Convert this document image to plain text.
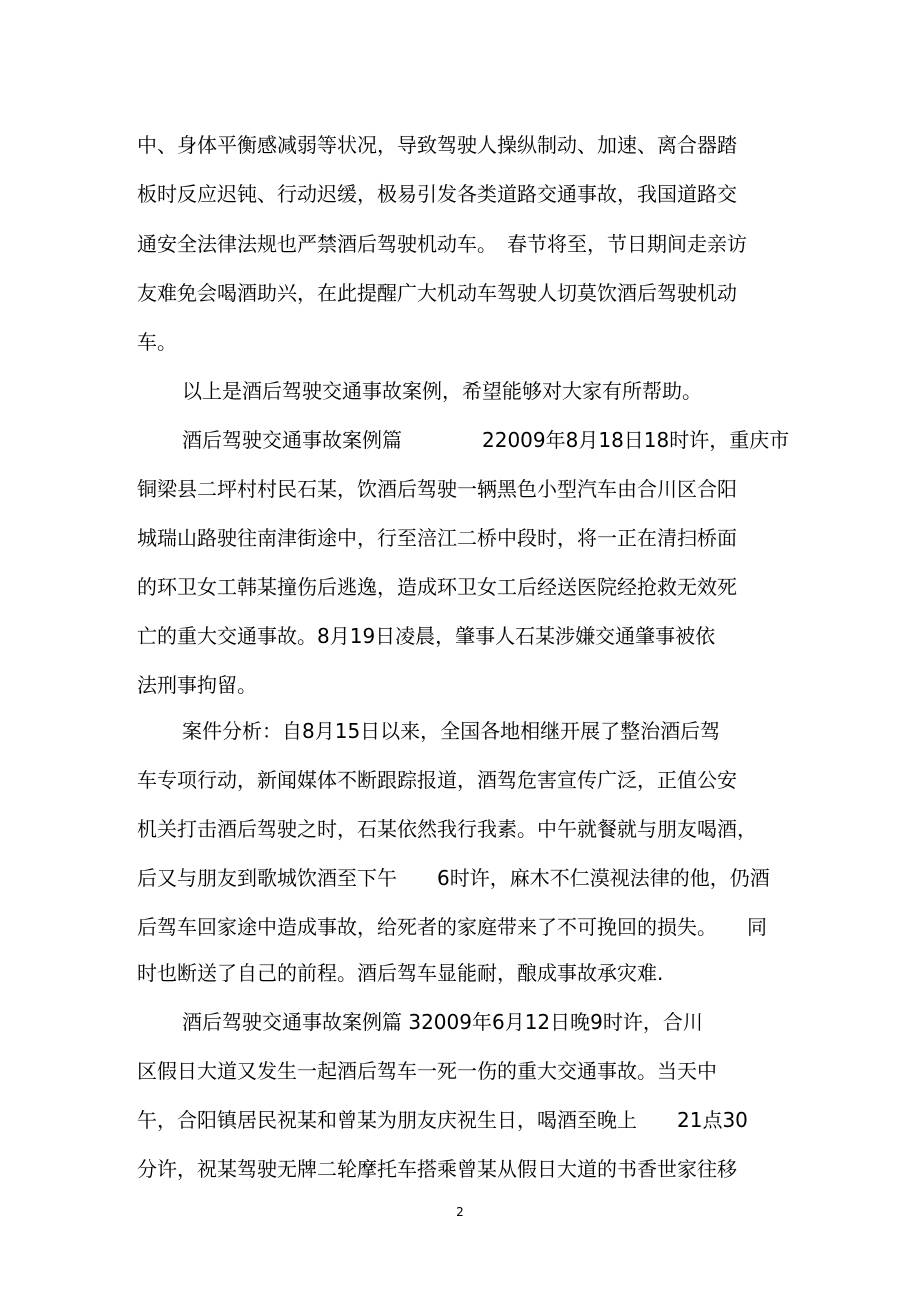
中、身体平衡感减弱等状况，导致驾驶人操纵制动、加速、离合器踏
板时反应迟钝、行动迟缓，极易引发各类道路交通事故，我国道路交
通安全法律法规也严禁酒后驾驶机动车。　春节将至，节日期间走亲访
友难免会喝酒助兴，在此提醒广大机动车驾驶人切莫饮酒后驾驶机动
车。
以上是酒后驾驶交通事故案例，希望能够对大家有所帮助。
酒后驾驶交通事故案例篇　　　　22009年8月18日18时许，重庆市
铜梁县二坪村村民石某，饮酒后驾驶一辆黑色小型汽车由合川区合阳
城瑞山路驶往南津街途中，行至涪江二桥中段时，将一正在清扫桥面
的环卫女工韩某撞伤后逃逸，造成环卫女工后经送医院经抢救无效死
亡的重大交通事故。8月19日凌晨，肇事人石某涉嫌交通肇事被依
法刑事拘留。
案件分析：自8月15日以来，全国各地相继开展了整治酒后驾
车专项行动，新闻媒体不断跟踪报道，酒驾危害宣传广泛，正值公安
机关打击酒后驾驶之时，石某依然我行我素。中午就餐就与朋友喝酒，
后又与朋友到歌城饮酒至下午　　6时许，麻木不仁漠视法律的他，仍酒
后驾车回家途中造成事故，给死者的家庭带来了不可挽回的损失。　　同
时也断送了自己的前程。酒后驾车显能耐，酿成事故承灾难.
酒后驾驶交通事故案例篇 32009年6月12日晚9时许，合川
区假日大道又发生一起酒后驾车一死一伤的重大交通事故。当天中
午，合阳镇居民祝某和曾某为朋友庆祝生日，喝酒至晚上　　21点30
分许，祝某驾驶无牌二轮摩托车搭乘曾某从假日大道的书香世家往移
2
